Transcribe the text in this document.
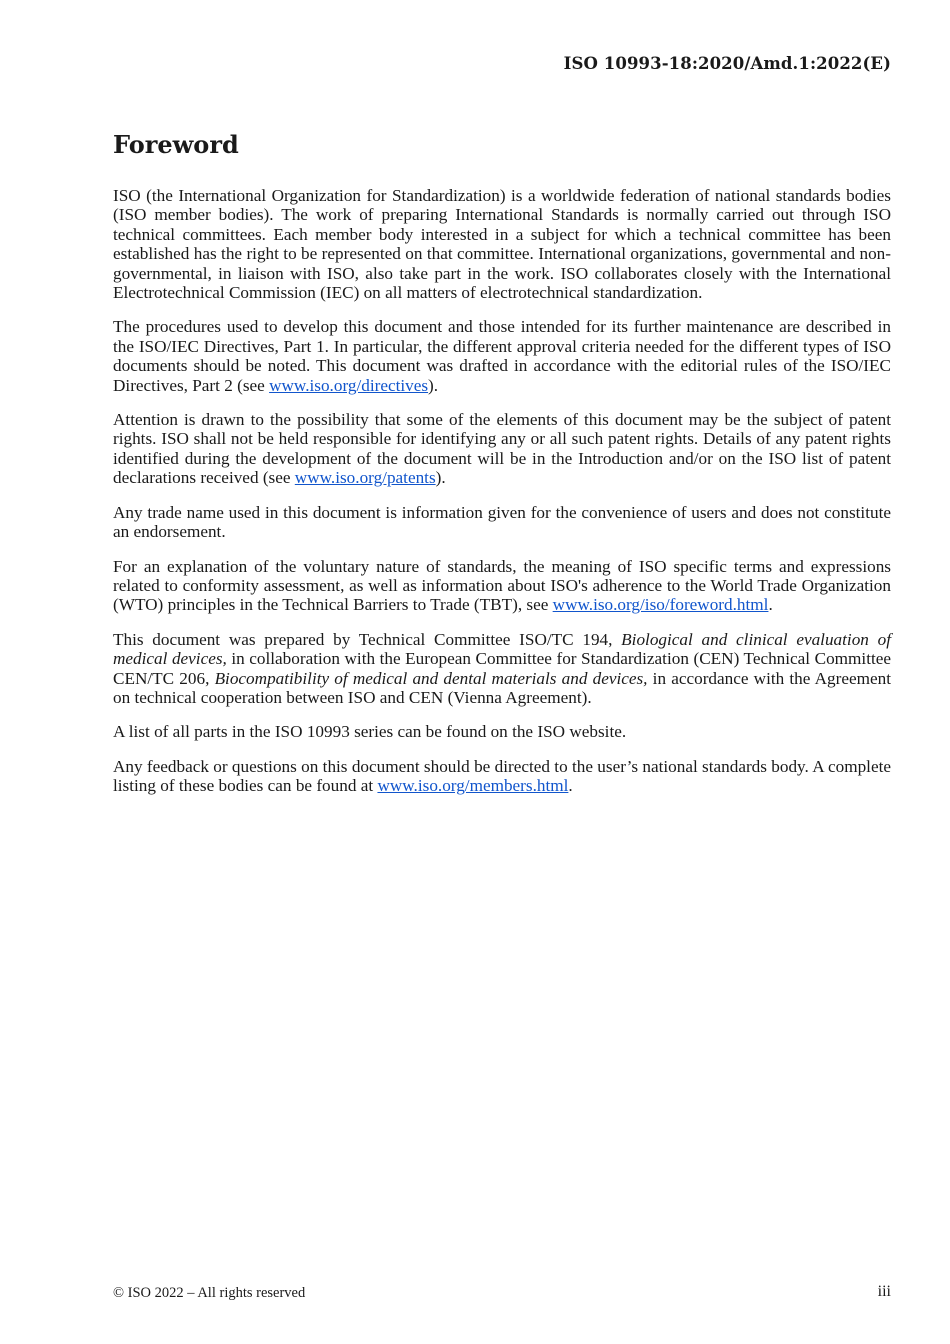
ISO 10993-18:2020/Amd.1:2022(E)
Foreword

ISO (the International Organization for Standardization) is a worldwide federation of national standards bodies (ISO member bodies). The work of preparing International Standards is normally carried out through ISO technical committees. Each member body interested in a subject for which a technical committee has been established has the right to be represented on that committee. International organizations, governmental and non-governmental, in liaison with ISO, also take part in the work. ISO collaborates closely with the International Electrotechnical Commission (IEC) on all matters of electrotechnical standardization.

The procedures used to develop this document and those intended for its further maintenance are described in the ISO/IEC Directives, Part 1. In particular, the different approval criteria needed for the different types of ISO documents should be noted. This document was drafted in accordance with the editorial rules of the ISO/IEC Directives, Part 2 (see www.iso.org/directives).

Attention is drawn to the possibility that some of the elements of this document may be the subject of patent rights. ISO shall not be held responsible for identifying any or all such patent rights. Details of any patent rights identified during the development of the document will be in the Introduction and/or on the ISO list of patent declarations received (see www.iso.org/patents).

Any trade name used in this document is information given for the convenience of users and does not constitute an endorsement.

For an explanation of the voluntary nature of standards, the meaning of ISO specific terms and expressions related to conformity assessment, as well as information about ISO's adherence to the World Trade Organization (WTO) principles in the Technical Barriers to Trade (TBT), see www.iso.org/iso/foreword.html.

This document was prepared by Technical Committee ISO/TC 194, Biological and clinical evaluation of medical devices, in collaboration with the European Committee for Standardization (CEN) Technical Committee CEN/TC 206, Biocompatibility of medical and dental materials and devices, in accordance with the Agreement on technical cooperation between ISO and CEN (Vienna Agreement).

A list of all parts in the ISO 10993 series can be found on the ISO website.

Any feedback or questions on this document should be directed to the user’s national standards body. A complete listing of these bodies can be found at www.iso.org/members.html.

© ISO 2022 – All rights reserved	iii
